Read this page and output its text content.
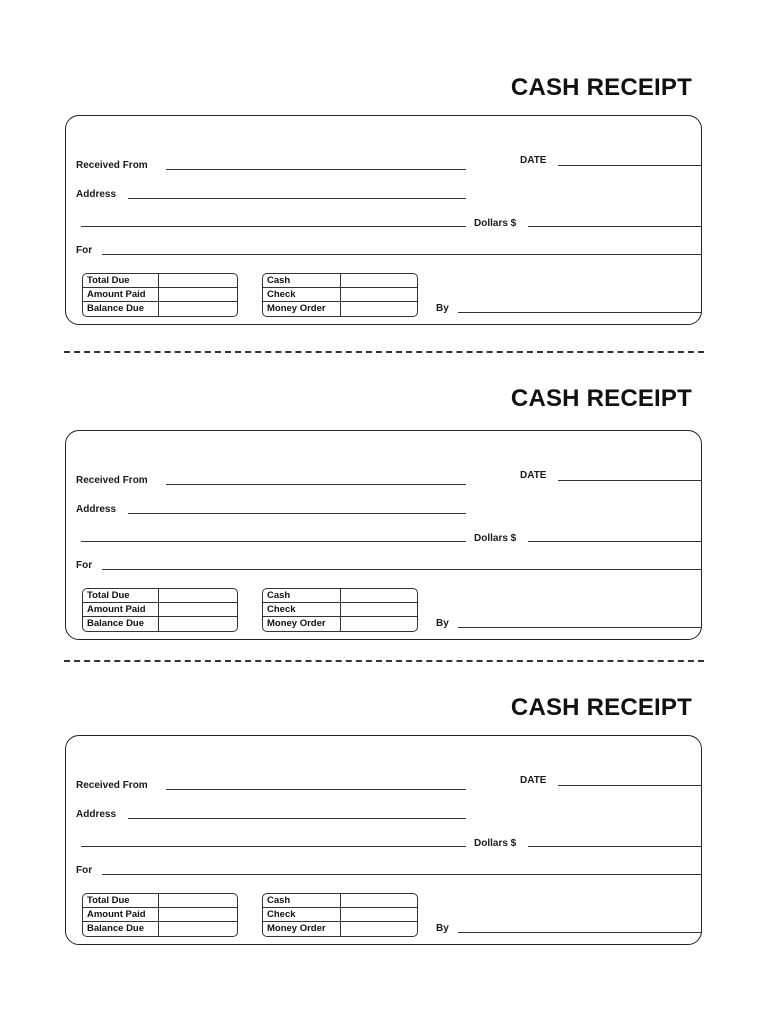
CASH RECEIPT
Received From
Address
For
DATE
Dollars $
Total Due
Amount Paid
Balance Due
Cash
Check
Money Order	By
CASH RECEIPT
Received From
Address
For
DATE
Dollars $
Total Due
Amount Paid
Balance Due
Cash
Check
Money Order	By
CASH RECEIPT
Received From
Address
For
DATE
Dollars $
Total Due
Amount Paid
Balance Due
Cash
Check
Money Order	By
